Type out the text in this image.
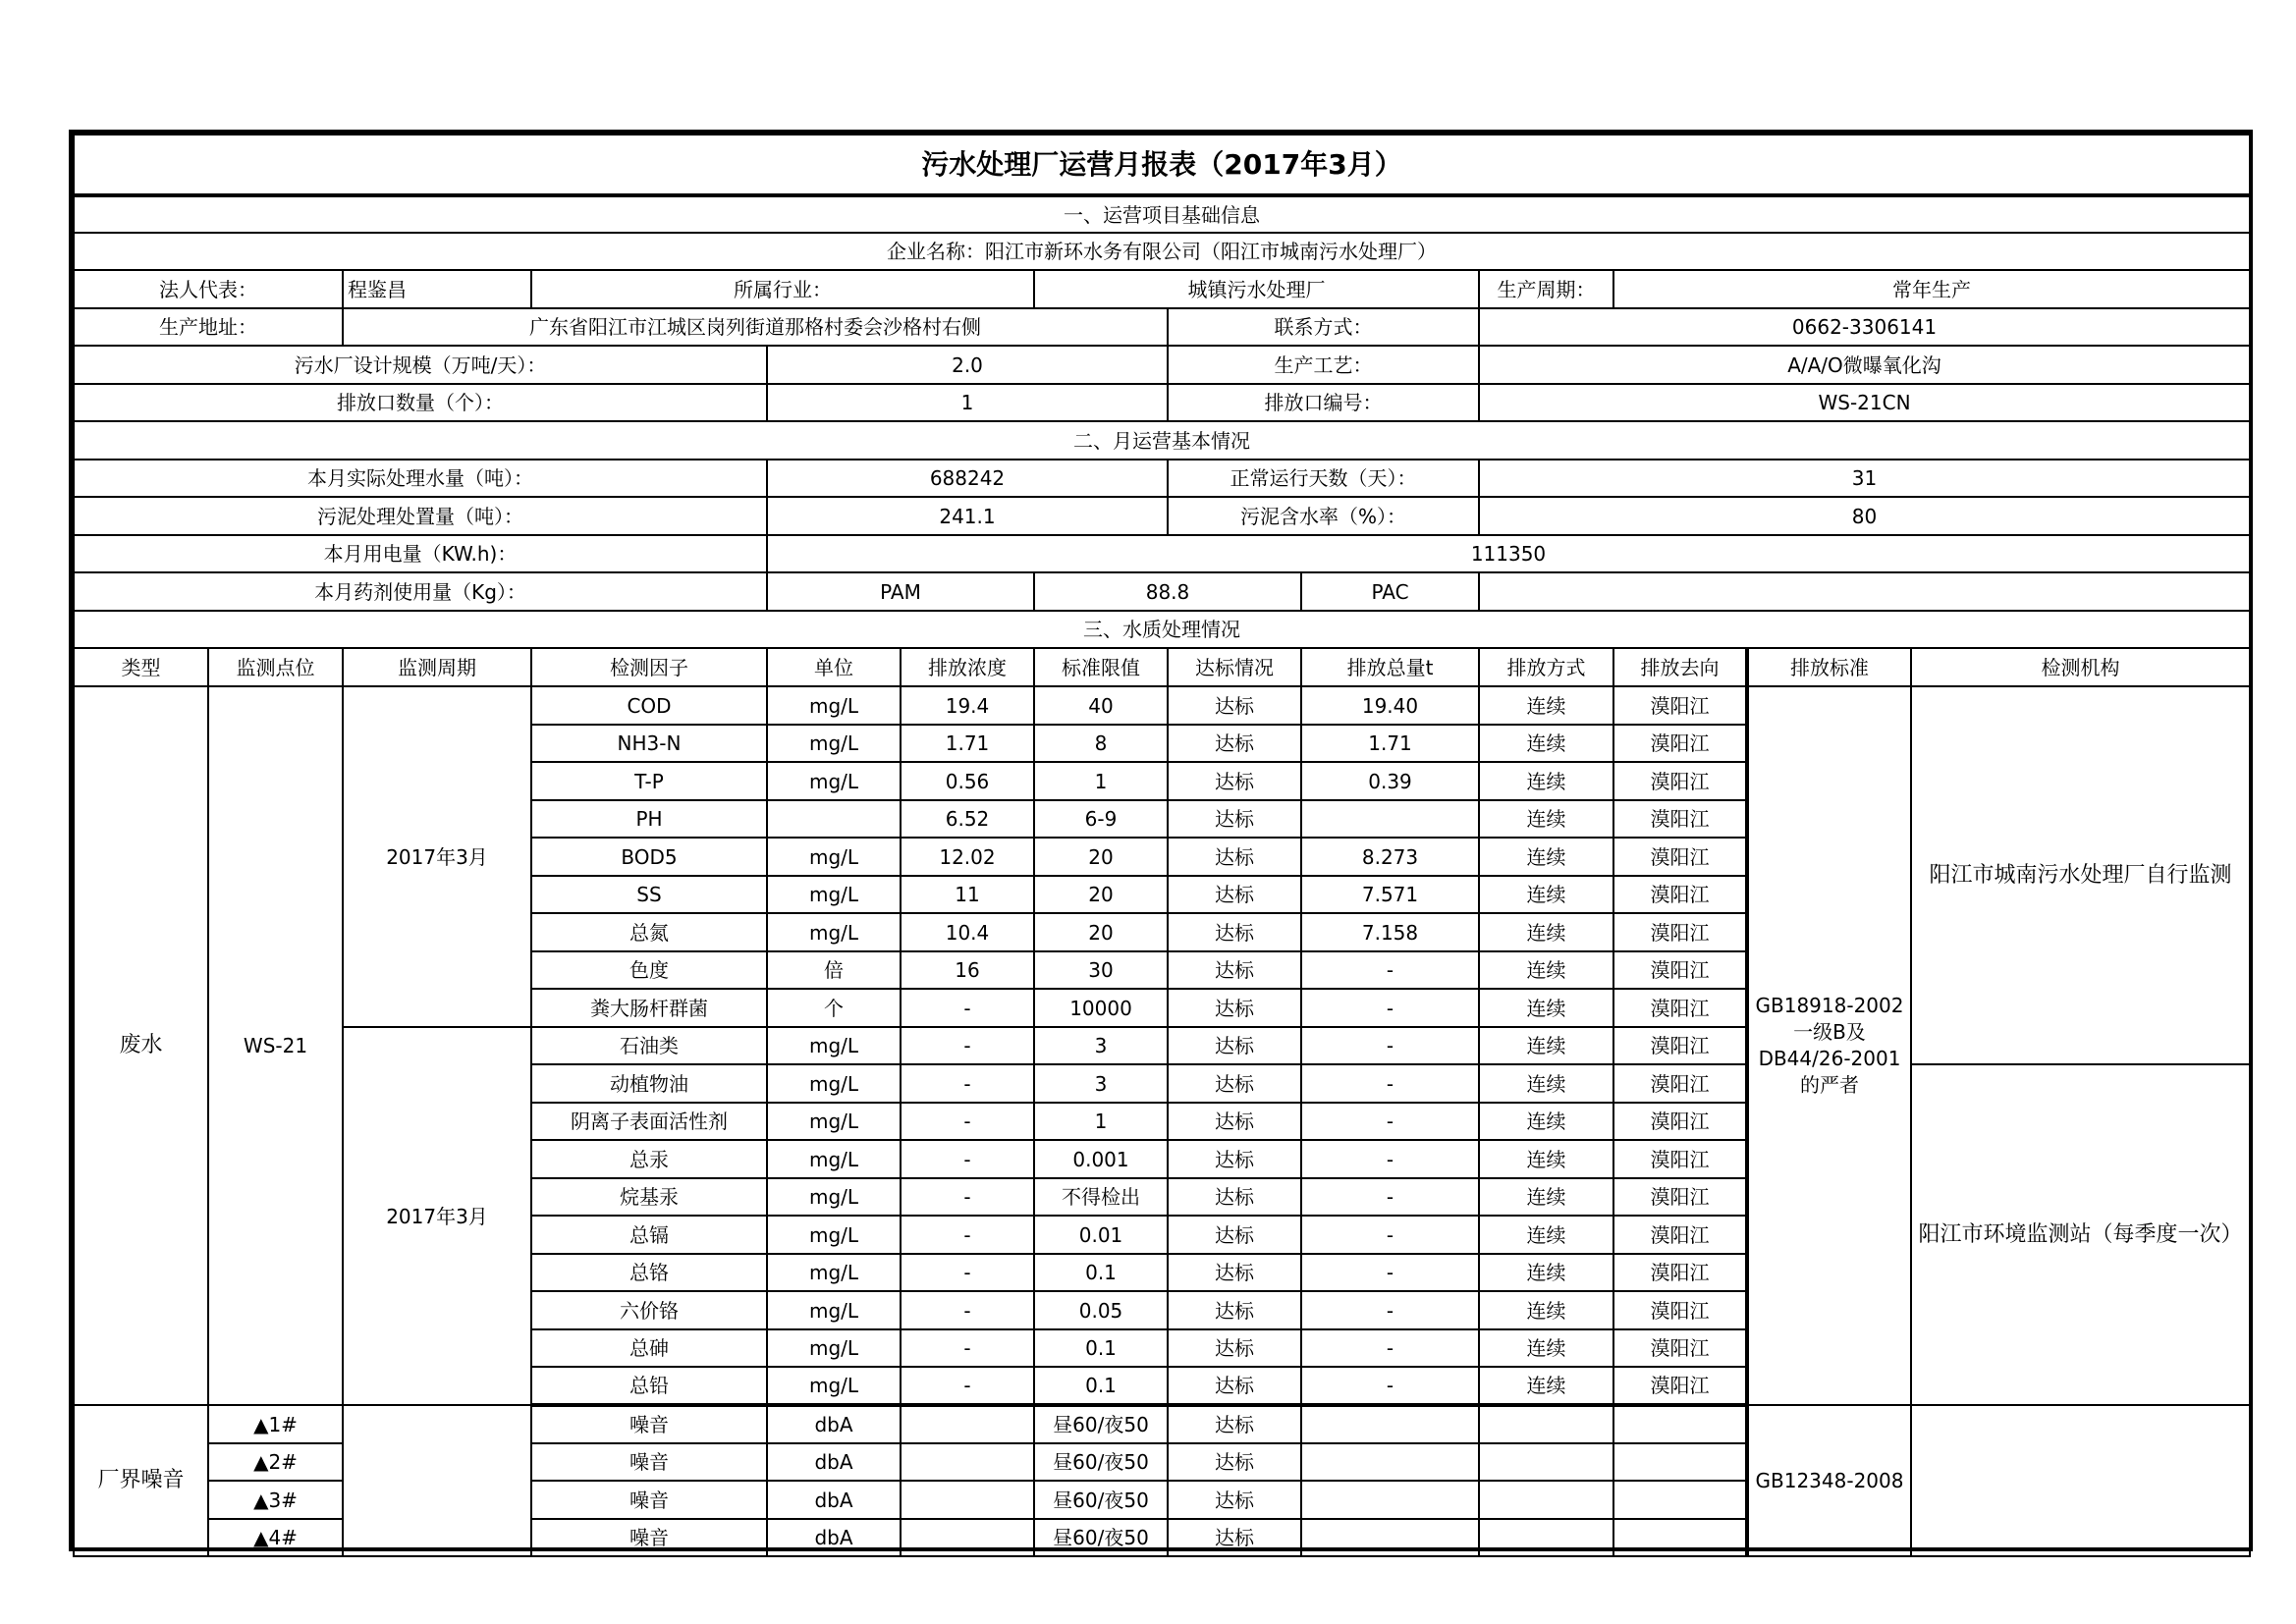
污水处理厂运营月报表（2017年3月）												
一、运营项目基础信息												
企业名称：阳江市新环水务有限公司（阳江市城南污水处理厂）												
法人代表：		程鉴昌	所属行业：			城镇污水处理厂			生产周期：	常年生产		
生产地址：		广东省阳江市江城区岗列街道那格村委会沙格村右侧					联系方式：		0662-3306141			
污水厂设计规模（万吨/天）：				2.0			生产工艺：		A/A/O微曝氧化沟			
排放口数量（个）：				1			排放口编号：		WS-21CN			
二、月运营基本情况												
本月实际处理水量（吨）：				688242			正常运行天数（天）：		31			
污泥处理处置量（吨）：				241.1			污泥含水率（%）：		80			
本月用电量（KW.h)：				111350								
本月药剂使用量（Kg）：				PAM		88.8		PAC				
三、水质处理情况												
类型	监测点位	监测周期	检测因子	单位	排放浓度	标准限值	达标情况	排放总量t	排放方式	排放去向	排放标准	检测机构
废水	WS-21	2017年3月	COD	mg/L	19.4	40	达标	19.40	连续	漠阳江	GB18918-2002一级B及DB44/26-2001的严者	阳江市城南污水处理厂自行监测
			NH3-N	mg/L	1.71	8	达标	1.71	连续	漠阳江		
			T-P	mg/L	0.56	1	达标	0.39	连续	漠阳江		
			PH		6.52	6-9	达标		连续	漠阳江		
			BOD5	mg/L	12.02	20	达标	8.273	连续	漠阳江		
			SS	mg/L	11	20	达标	7.571	连续	漠阳江		
			总氮	mg/L	10.4	20	达标	7.158	连续	漠阳江		
			色度	倍	16	30	达标	-	连续	漠阳江		
			粪大肠杆群菌	个	-	10000	达标	-	连续	漠阳江		
		2017年3月	石油类	mg/L	-	3	达标	-	连续	漠阳江		
			动植物油	mg/L	-	3	达标	-	连续	漠阳江		阳江市环境监测站（每季度一次）
			阴离子表面活性剂	mg/L	-	1	达标	-	连续	漠阳江		
			总汞	mg/L	-	0.001	达标	-	连续	漠阳江		
			烷基汞	mg/L	-	不得检出	达标	-	连续	漠阳江		
			总镉	mg/L	-	0.01	达标	-	连续	漠阳江		
			总铬	mg/L	-	0.1	达标	-	连续	漠阳江		
			六价铬	mg/L	-	0.05	达标	-	连续	漠阳江		
			总砷	mg/L	-	0.1	达标	-	连续	漠阳江		
			总铅	mg/L	-	0.1	达标	-	连续	漠阳江		
厂界噪音	▲1#		噪音	dbA		昼60/夜50	达标				GB12348-2008	
	▲2#		噪音	dbA		昼60/夜50	达标					
	▲3#		噪音	dbA		昼60/夜50	达标					
	▲4#		噪音	dbA		昼60/夜50	达标					
